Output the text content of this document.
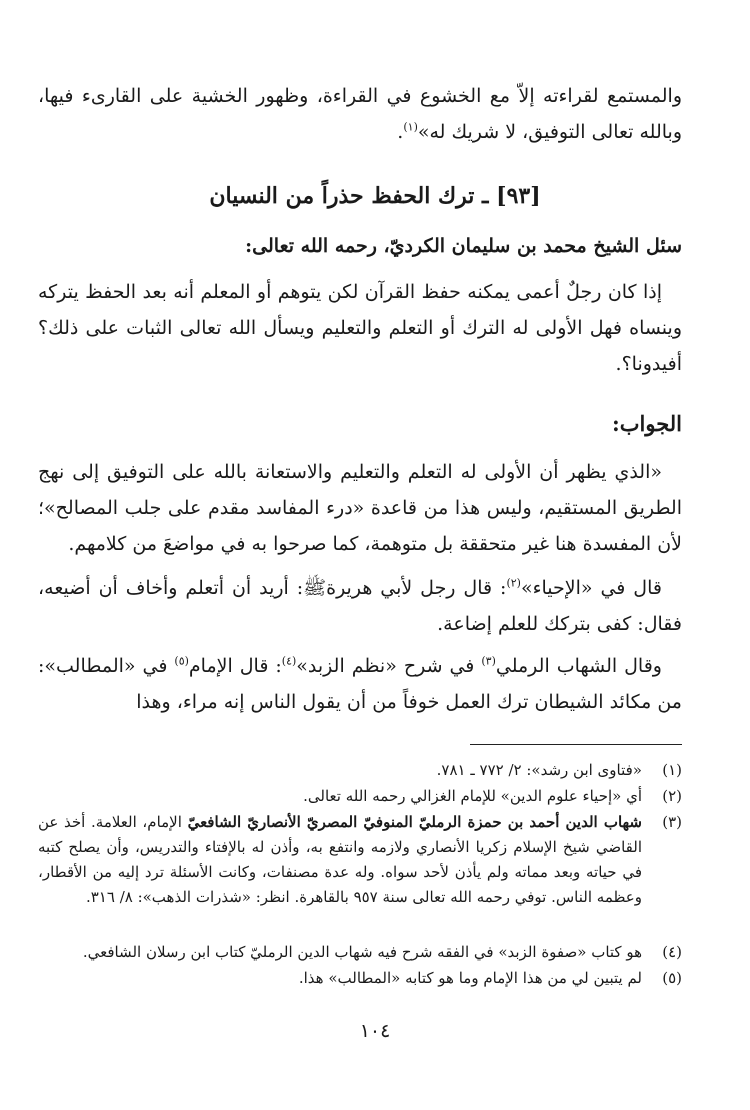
والمستمع لقراءته إلاّ مع الخشوع في القراءة، وظهور الخشية على القارىء فيها، وبالله تعالى التوفيق، لا شريك له»$^{(١)}$.
[٩٣] ـ ترك الحفظ حذراً من النسيان
سئل الشيخ محمد بن سليمان الكرديّ، رحمه الله تعالى:
إذا كان رجلٌ أعمى يمكنه حفظ القرآن لكن يتوهم أو المعلم أنه بعد الحفظ يتركه وينساه فهل الأولى له الترك أو التعلم والتعليم ويسأل الله تعالى الثبات على ذلك؟ أفيدونا؟.
الجواب:
«الذي يظهر أن الأولى له التعلم والتعليم والاستعانة بالله على التوفيق إلى نهج الطريق المستقيم، وليس هذا من قاعدة «درء المفاسد مقدم على جلب المصالح»؛ لأن المفسدة هنا غير متحققة بل متوهمة، كما صرحوا به في مواضعَ من كلامهم.
قال في «الإحياء»$^{(٢)}$: قال رجل لأبي هريرةﷺ: أريد أن أتعلم وأخاف أن أضيعه، فقال: كفى بتركك للعلم إضاعة.
وقال الشهاب الرملي$^{(٣)}$ في شرح «نظم الزبد»$^{(٤)}$: قال الإمام$^{(٥)}$ في «المطالب»: من مكائد الشيطان ترك العمل خوفاً من أن يقول الناس إنه مراء، وهذا
(١)
«فتاوى ابن رشد»: ٢/ ٧٧٢ ـ ٧٨١.
(٢)
أي «إحياء علوم الدين» للإمام الغزالي رحمه الله تعالى.
(٣)
شهاب الدين أحمد بن حمزة الرمليّ المنوفيّ المصريّ الأنصاريّ الشافعيّ الإمام، العلامة. أخذ عن القاضي شيخ الإسلام زكريا الأنصاري ولازمه وانتفع به، وأذن له بالإفتاء والتدريس، وأن يصلح كتبه في حياته وبعد مماته ولم يأذن لأحد سواه. وله عدة مصنفات، وكانت الأسئلة ترد إليه من الأقطار، وعظمه الناس. توفي رحمه الله تعالى سنة ٩٥٧ بالقاهرة. انظر: «شذرات الذهب»: ٨/ ٣١٦.
(٤)
هو كتاب «صفوة الزبد» في الفقه شرح فيه شهاب الدين الرمليّ كتاب ابن رسلان الشافعي.
(٥)
لم يتبين لي من هذا الإمام وما هو كتابه «المطالب» هذا.
١٠٤
